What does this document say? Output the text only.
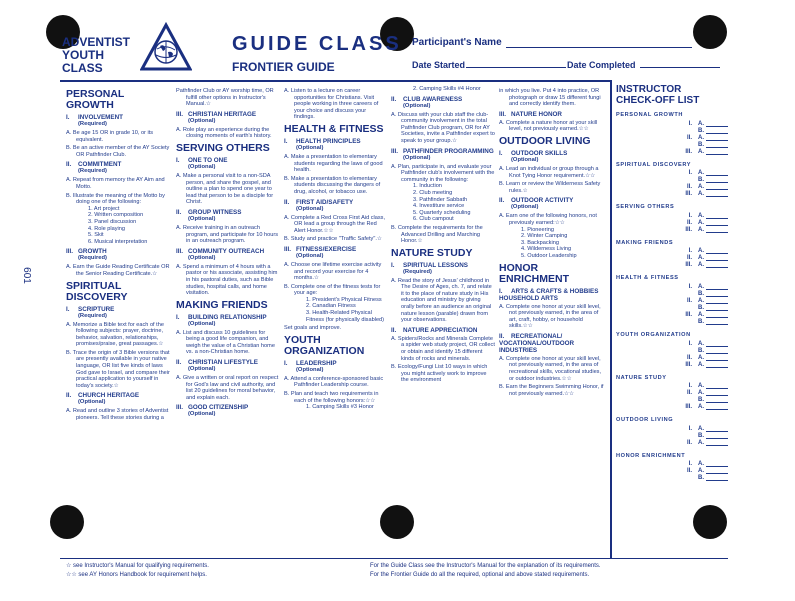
ADVENTIST
YOUTH
CLASS
GUIDE CLASS
FRONTIER GUIDE
Participant's Name
Date Started	Date Completed
601
PERSONAL GROWTH
I. INVOLVEMENT
(Required)
A. Be age 15 OR in grade 10, or its equivalent.
B. Be an active member of the AY Society OR Pathfinder Club.
II. COMMITMENT
(Required)
A. Repeat from memory the AY Aim and Motto.
B. Illustrate the meaning of the Motto by doing one of the following:
1. Art project
2. Written composition
3. Panel discussion
4. Role playing
5. Skit
6. Musical interpretation
III. GROWTH
(Required)
A. Earn the Guide Reading Certificate OR the Senior Reading Certificate.☆
SPIRITUAL DISCOVERY
I. SCRIPTURE
(Required)
A. Memorize a Bible text for each of the following subjects: prayer, doctrine, behavior, salvation, relationships, promises/praise, great passages.☆
B. Trace the origin of 3 Bible versions that are presently available in your native language, OR list five kinds of laws God gave to Israel, and compare their practical application to yourself in today's society.☆
II. CHURCH HERITAGE
(Optional)
A. Read and outline 3 stories of Adventist pioneers. Tell these stories during a
Pathfinder Club or AY worship time, OR fulfill other options in Instructor's Manual.☆
III. CHRISTIAN HERITAGE
(Optional)
A. Role play an experience during the closing moments of earth's history.
SERVING OTHERS
I. ONE TO ONE
(Optional)
A. Make a personal visit to a non-SDA person, and share the gospel, and outline a plan to spend one year to lead that person to be a disciple for Christ.
II. GROUP WITNESS
(Optional)
A. Receive training in an outreach program, and participate for 10 hours in an outreach program.
III. COMMUNITY OUTREACH
(Optional)
A. Spend a minimum of 4 hours with a pastor or his associate, assisting him in his pastoral duties, such as Bible studies, hospital calls, and home visitation.
MAKING FRIENDS
I. BUILDING RELATIONSHIP
(Optional)
A. List and discuss 10 guidelines for being a good life companion, and weigh the value of a Christian home vs. a non-Christian home.
II. CHRISTIAN LIFESTYLE
(Optional)
A. Give a written or oral report on respect for God's law and civil authority, and list 20 guidelines for moral behavior, and explain each.
III. GOOD CITIZENSHIP
(Optional)
A. Listen to a lecture on career opportunities for Christians. Visit people working in three careers of your choice and discuss your findings.
HEALTH & FITNESS
I. HEALTH PRINCIPLES
(Optional)
A. Make a presentation to elementary students regarding the laws of good health.
B. Make a presentation to elementary students discussing the dangers of drug, alcohol, or tobacco use.
II. FIRST AID/SAFETY
(Optional)
A. Complete a Red Cross First Aid class, OR lead a group through the Red Alert Honor.☆☆
B. Study and practice "Traffic Safety".☆
III. FITNESS/EXERCISE
(Optional)
A. Choose one lifetime exercise activity and record your exercise for 4 months.☆
B. Complete one of the fitness tests for your age:
1. President's Physical Fitness
2. Canadian Fitness
3. Health-Related Physical Fitness (for physically disabled)
Set goals and improve.
YOUTH ORGANIZATION
I. LEADERSHIP
(Optional)
A. Attend a conference-sponsored basic Pathfinder Leadership course.
B. Plan and teach two requirements in each of the following honors:☆☆
1. Camping Skills #3 Honor
2. Camping Skills #4 Honor
II. CLUB AWARENESS
(Optional)
A. Discuss with your club staff the club-community involvement in the total Pathfinder Club program, OR for AY Societies, invite a Pathfinder expert to speak to your group.☆
III. PATHFINDER PROGRAMMING
(Optional)
A. Plan, participate in, and evaluate your Pathfinder club's involvement with the community in the following:
1. Induction
2. Club meeting
3. Pathfinder Sabbath
4. Investiture service
5. Quarterly scheduling
6. Club campout
B. Complete the requirements for the Advanced Drilling and Marching Honor.☆
NATURE STUDY
I. SPIRITUAL LESSONS
(Required)
A. Read the story of Jesus' childhood in The Desire of Ages, ch. 7, and relate it to the place of nature study in His education and ministry by giving orally before an audience an original nature lesson (parable) drawn from your observations.
II. NATURE APPRECIATION
A. Spiders/Rocks and Minerals Complete a spider web study project, OR collect or obtain and identify 15 different kinds of rocks and minerals.
B. Ecology/Fungi List 10 ways in which you might actively work to improve the environment
in which you live. Put 4 into practice, OR photograph or draw 15 different fungi and correctly identify them.
III. NATURE HONOR
A. Complete a nature honor at your skill level, not previously earned.☆☆
OUTDOOR LIVING
I. OUTDOOR SKILLS
(Optional)
A. Lead an individual or group through a Knot Tying Honor requirement.☆☆
B. Learn or review the Wilderness Safety rules.☆
II. OUTDOOR ACTIVITY
(Optional)
A. Earn one of the following honors, not previously earned:☆☆
1. Pioneering
2. Winter Camping
3. Backpacking
4. Wilderness Living
5. Outdoor Leadership
HONOR ENRICHMENT
I. ARTS & CRAFTS & HOBBIES HOUSEHOLD ARTS
A. Complete one honor at your skill level, not previously earned, in the area of art, craft, hobby, or household skills.☆☆
II. RECREATIONAL/ VOCATIONAL/OUTDOOR INDUSTRIES
A. Complete one honor at your skill level, not previously earned, in the area of recreational skills, vocational studies, or outdoor industries.☆☆
B. Earn the Beginners Swimming Honor, if not previously earned.☆☆
INSTRUCTOR
CHECK-OFF LIST
PERSONAL GROWTH
I.	A.
B.
II.	A.
B.
III.	A.
SPIRITUAL DISCOVERY
I.	A.
B.
II.	A.
III.	A.
SERVING OTHERS
I.	A.
II.	A.
III.	A.
MAKING FRIENDS
I.	A.
II.	A.
III.	A.
HEALTH & FITNESS
I.	A.
B.
II.	A.
B.
III.	A.
B.
YOUTH ORGANIZATION
I.	A.
B.
II.	A.
III.	A.
NATURE STUDY
I.	A.
II.	A.
B.
III.	A.
OUTDOOR LIVING
I.	A.
B.
II.	A.
HONOR ENRICHMENT
I.	A.
II.	A.
B.
☆ see Instructor's Manual for qualifying requirements.
☆☆ see AY Honors Handbook for requirement helps.
For the Guide Class see the Instructor's Manual for the explanation of its requirements.
For the Frontier Guide do all the required, optional and above stated requirements.
